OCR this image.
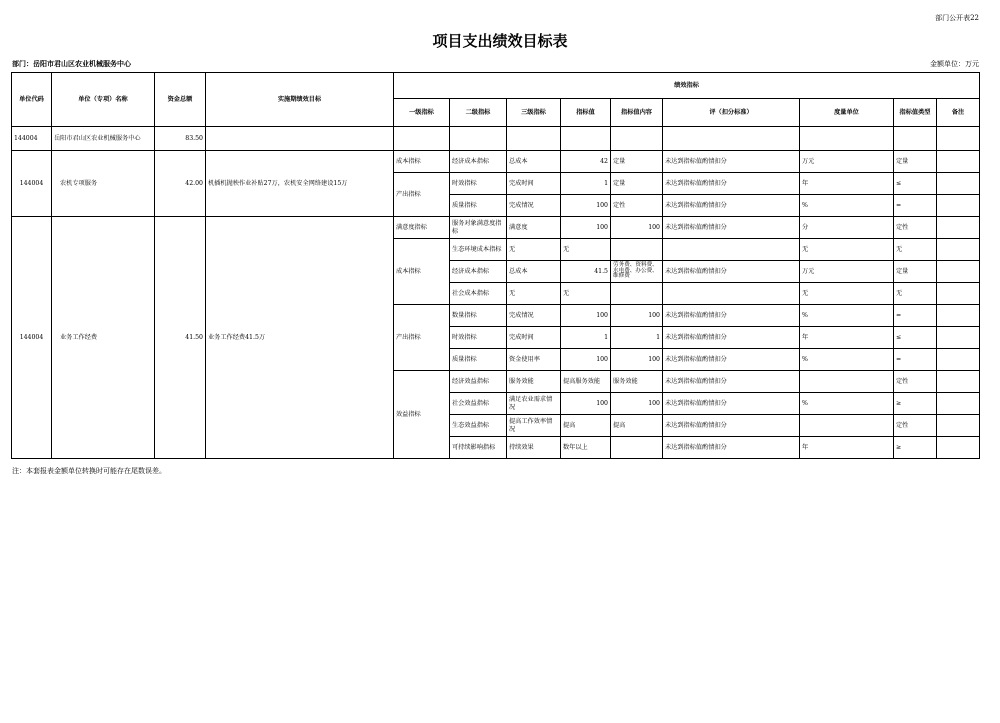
部门公开表22
项目支出绩效目标表
部门：岳阳市君山区农业机械服务中心	金额单位：万元
单位代码	单位（专项）名称	资金总额	实施期绩效目标	绩效指标								
				一级指标	二级指标	三级指标	指标值	指标值内容	评（扣分标准）	度量单位	指标值类型	备注
144004	岳阳市君山区农业机械服务中心	83.50										
144004	农机专项服务	42.00	机插机抛秧作业补贴27万，农机安全网络建设15万	成本指标	经济成本指标	总成本	42	定量	未达到指标值酌情扣分	万元	定量	
				产出指标	时效指标	完成时间	1	定量	未达到指标值酌情扣分	年	≤	
					质量指标	完成情况	100	定性	未达到指标值酌情扣分	%	=	
144004	业务工作经费	41.50	业务工作经费41.5万	满意度指标	服务对象满意度指标	满意度	100	100	未达到指标值酌情扣分	分	定性	
				成本指标	生态环境成本指标	无	无			无	无	
					经济成本指标	总成本	41.5	劳务费、资料费、水电费、办公费、维修费	未达到指标值酌情扣分	万元	定量	
					社会成本指标	无	无			无	无	
				产出指标	数量指标	完成情况	100	100	未达到指标值酌情扣分	%	=	
					时效指标	完成时间	1	1	未达到指标值酌情扣分	年	≤	
					质量指标	资金使用率	100	100	未达到指标值酌情扣分	%	=	
				效益指标	经济效益指标	服务效能	提高服务效能	服务效能	未达到指标值酌情扣分		定性	
					社会效益指标	满足农业需求情况	100	100	未达到指标值酌情扣分	%	≥	
					生态效益指标	提高工作效率情况	提高	提高	未达到指标值酌情扣分		定性	
					可持续影响指标	持续效果	数年以上		未达到指标值酌情扣分	年	≥	
注：本套报表金额单位转换时可能存在尾数误差。
